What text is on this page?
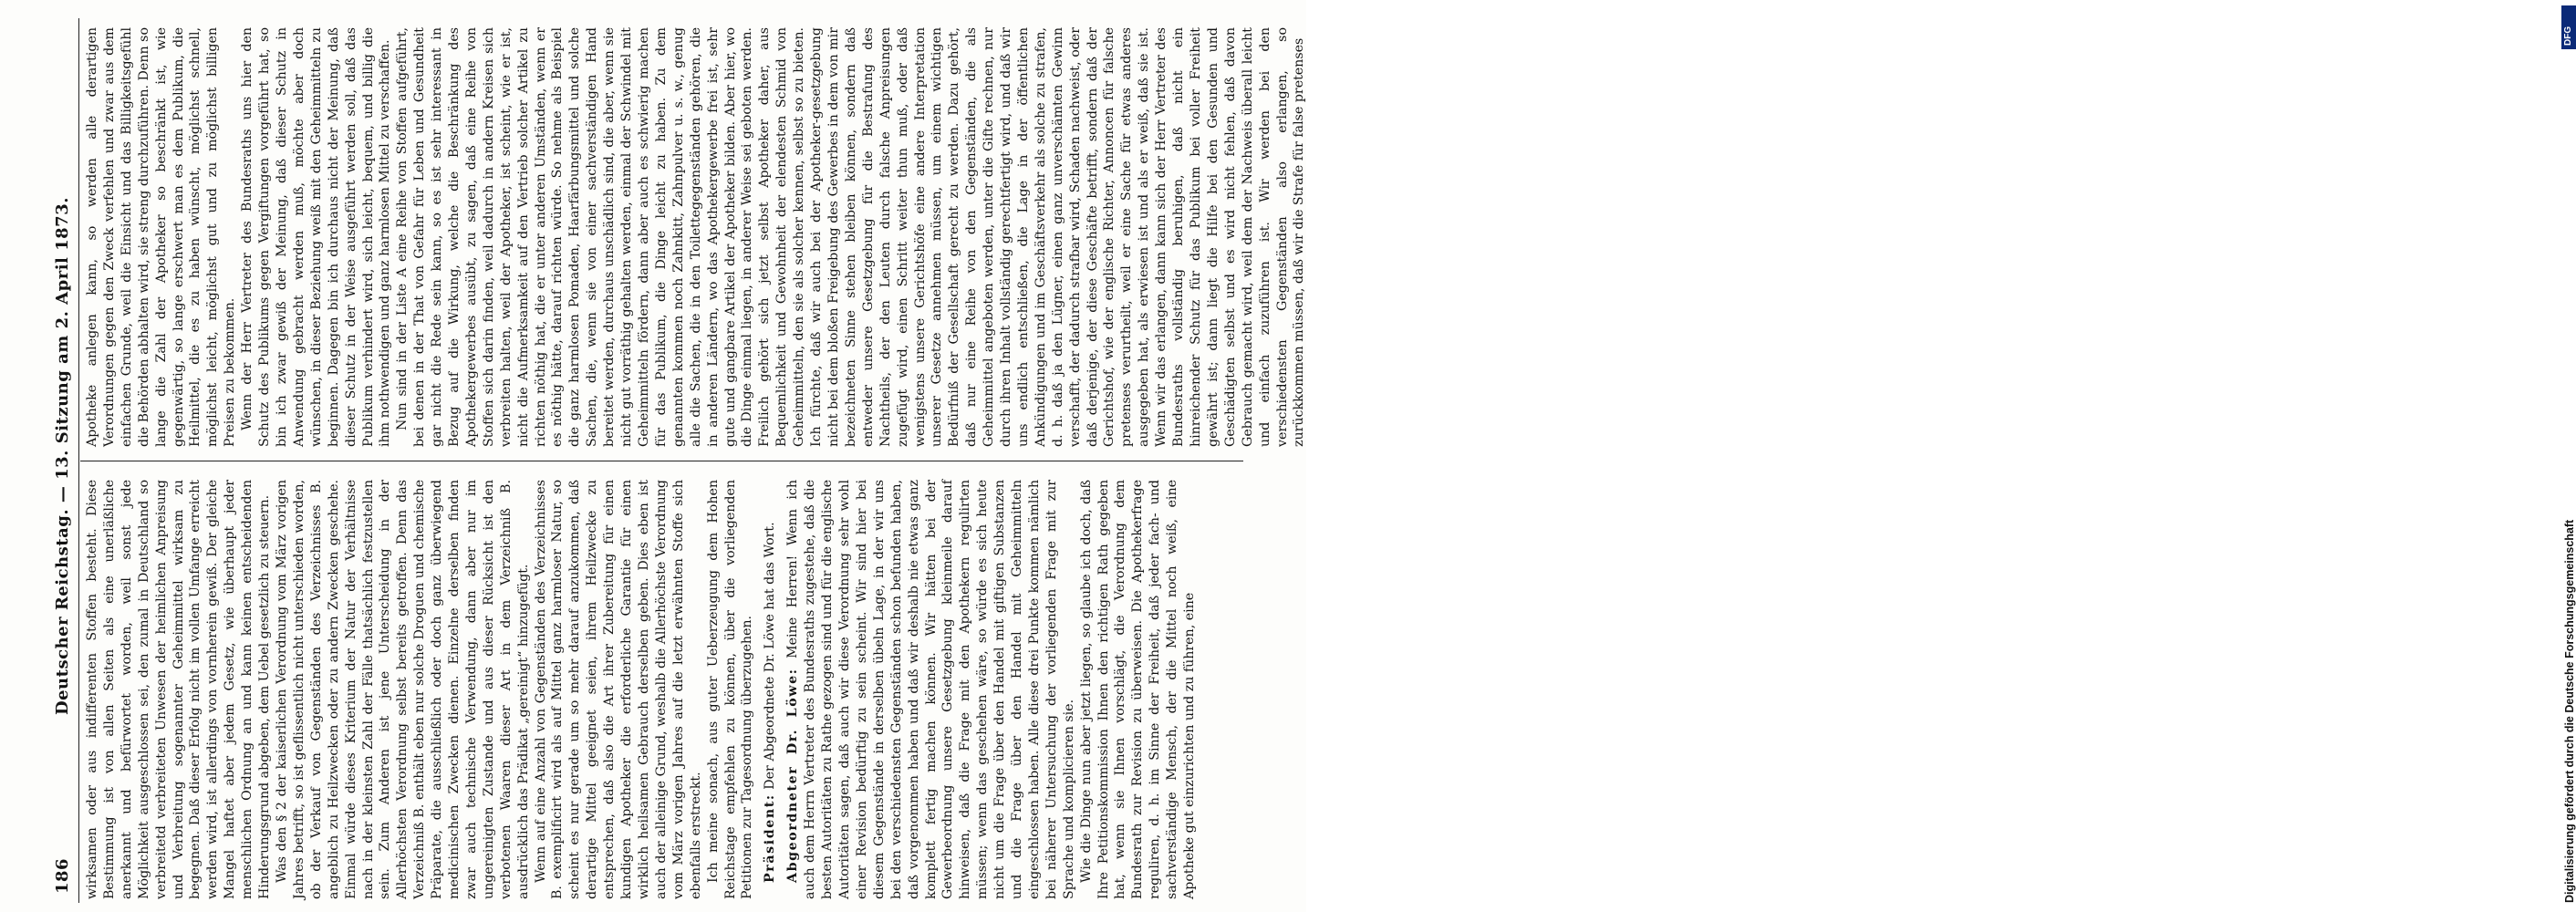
186
Deutscher Reichstag. — 13. Sitzung am 2. April 1873. wirksamen oder aus indifferenten Stoffen besteht. Diese Bestimmung ist von allen Seiten als eine unerläßliche anerkannt und befürwortet worden, weil sonst jede Möglichkeit ausgeschlossen sei, den zumal in Deutschland so verbreitetd verbreiteten Unwesen der heimlichen Anpreisung und Verbreitung sogenannter Geheimmittel wirksam zu begegnen. Daß dieser Erfolg nicht im vollen Umfange erreicht werden wird, ist allerdings von vornherein gewiß. Der gleiche Mangel haftet aber jedem Gesetz, wie überhaupt jeder menschlichen Ordnung an und kann keinen entscheidenden Hinderungsgrund abgeben, dem Uebel gesetzlich zu steuern. Was den § 2 der kaiserlichen Verordnung vom März vorigen Jahres betrifft, so ist geflissentlich nicht unterschieden worden, ob der Verkauf von Gegenständen des Verzeichnisses B. angeblich zu Heilzwecken oder zu andern Zwecken geschehe. Einmal würde dieses Kriterium der Natur der Verhältnisse nach in der kleinsten Zahl der Fälle thatsächlich festzustellen sein. Zum Anderen ist jene Unterscheidung in der Allerhöchsten Verordnung selbst bereits getroffen. Denn das Verzeichniß B. enthält eben nur solche Droguen und chemische Präparate, die ausschließlich oder doch ganz überwiegend medicinischen Zwecken dienen. Einzelne derselben finden zwar auch technische Verwendung, dann aber nur im ungereinigten Zustande und aus dieser Rücksicht ist den verbotenen Waaren dieser Art in dem Verzeichniß B. ausdrücklich das Prädikat „gereinigt“ hinzugefügt. Wenn auf eine Anzahl von Gegenständen des Verzeichnisses B. exemplificirt wird als auf Mittel ganz harmloser Natur, so scheint es nur gerade um so mehr darauf anzukommen, daß derartige Mittel geeignet seien, ihrem Heilzwecke zu entsprechen, daß also die Art ihrer Zubereitung für einen kundigen Apotheker die erforderliche Garantie für einen wirklich heilsamen Gebrauch derselben geben. Dies eben ist auch der alleinige Grund, weshalb die Allerhöchste Verordnung vom März vorigen Jahres auf die letzt erwähnten Stoffe sich ebenfalls erstreckt. Ich meine sonach, aus guter Ueberzeugung dem Hohen Reichstage empfehlen zu können, über die vorliegenden Petitionen zur Tagesordnung überzugehen. Präsident: Der Abgeordnete Dr. Löwe hat das Wort. Abgeordneter Dr. Löwe: Meine Herren! Wenn ich auch dem Herrn Vertreter des Bundesraths zugestehe, daß die besten Autoritäten zu Rathe gezogen sind und für die englische Autoritäten sagen, daß auch wir diese Verordnung sehr wohl einer Revision bedürftig zu sein scheint. Wir sind hier bei diesem Gegenstände in derselben übeln Lage, in der wir uns bei den verschiedensten Gegenständen schon befunden haben, daß vorgenommen haben und daß wir deshalb nie etwas ganz komplett fertig machen können. Wir hätten bei der Gewerbeordnung unsere Gesetzgebung kleinmeile darauf hinweisen, daß die Frage mit den Apothekern regulirten müssen; wenn das geschehen wäre, so würde es sich heute nicht um die Frage über den Handel mit giftigen Substanzen und die Frage über den Handel mit Geheimmitteln eingeschlossen haben. Alle diese drei Punkte kommen nämlich bei näherer Untersuchung der vorliegenden Frage mit zur Sprache und komplicieren sie. Wie die Dinge nun aber jetzt liegen, so glaube ich doch, daß Ihre Petitionskommission Ihnen den richtigen Rath gegeben hat, wenn sie Ihnen vorschlägt, die Verordnung dem Bundesrath zur Revision zu überweisen. Die Apothekerfrage reguliren, d. h. im Sinne der Freiheit, daß jeder fach- und sachverständige Mensch, der die Mittel noch weiß, eine Apotheke gut einzurichten und zu führen, eine

Apotheke anlegen kann, so werden alle derartigen Verordnungen gegen den Zweck verfehlen und zwar aus dem einfachen Grunde, weil die Einsicht und das Billigkeitsgefühl die Behörden abhalten wird, sie streng durchzuführen. Denn so lange die Zahl der Apotheker so beschränkt ist, wie gegenwärtig, so lange erschwert man es dem Publikum, die Heilmittel, die es zu haben wünscht, möglichst schnell, möglichst leicht, möglichst gut und zu möglichst billigen Preisen zu bekommen. Wenn der Herr Vertreter des Bundesraths uns hier den Schutz des Publikums gegen Vergiftungen vorgeführt hat, so bin ich zwar gewiß der Meinung, daß dieser Schutz in Anwendung gebracht werden muß, möchte aber doch wünschen, in dieser Beziehung weiß mit den Geheimmitteln zu beginnen. Dagegen bin ich durchaus nicht der Meinung, daß dieser Schutz in der Weise ausgeführt werden soll, daß das Publikum verhindert wird, sich leicht, bequem, und billig die ihm nothwendigen und ganz harmlosen Mittel zu verschaffen. Nun sind in der Liste A eine Reihe von Stoffen aufgeführt, bei denen in der That von Gefahr für Leben und Gesundheit gar nicht die Rede sein kann, so es ist sehr interessant in Bezug auf die Wirkung, welche die Beschränkung des Apothekergewerbes ausübt, zu sagen, daß eine Reihe von Stoffen sich darin finden, weil dadurch in andern Kreisen sich verbreiten halten, weil der Apotheker, ist scheint, wie er ist, nicht die Aufmerksamkeit auf den Vertrieb solcher Artikel zu richten nöthig hat, die er unter anderen Umständen, wenn er es nöthig hätte, darauf richten würde. So nehme als Beispiel die ganz harmlosen Pomaden, Haarfärbungsmittel und solche Sachen, die, wenn sie von einer sachverständigen Hand bereitet werden, durchaus unschädlich sind, die aber, wenn sie nicht gut vorräthig gehalten werden, einmal der Schwindel mit Geheimmitteln fördern, dann aber auch es schwierig machen für das Publikum, die Dinge leicht zu haben. Zu dem genannten kommen noch Zahnkitt, Zahnpulver u. s. w., genug alle die Sachen, die in den Toilettegegenständen gehören, die in anderen Ländern, wo das Apothekergewerbe frei ist, sehr gute und gangbare Artikel der Apotheker bilden. Aber hier, wo die Dinge einmal liegen, in anderer Weise sei geboten werden. Freilich gehört sich jetzt selbst Apotheker daher, aus Bequemlichkeit und Gewohnheit der elendesten Schmid von Geheimmitteln, den sie als solcher kennen, selbst so zu bieten. Ich fürchte, daß wir auch bei der Apotheker-gesetzgebung nicht bei dem bloßen Freigebung des Gewerbes in dem von mir bezeichneten Sinne stehen bleiben können, sondern daß entweder unsere Gesetzgebung für die Bestrafung des Nachtheils, der den Leuten durch falsche Anpreisungen zugefügt wird, einen Schritt weiter thun muß, oder daß wenigstens unsere Gerichtshöfe eine andere Interpretation unserer Gesetze annehmen müssen, um einem wichtigen Bedürfniß der Gesellschaft gerecht zu werden. Dazu gehört, daß nur eine Reihe von den Gegenständen, die als Geheimmittel angeboten werden, unter die Gifte rechnen, nur durch ihren Inhalt vollständig gerechtfertigt wird, und daß wir uns endlich entschließen, die Lage in der öffentlichen Ankündigungen und im Geschäftsverkehr als solche zu strafen, d. h. daß ja den Lügner, einen ganz unverschämten Gewinn verschafft, der dadurch strafbar wird, Schaden nachweist, oder daß derjenige, der diese Geschäfte betrifft, sondern daß der Gerichtshof, wie der englische Richter, Annoncen für falsche pretenses verurtheilt, weil er eine Sache für etwas anderes ausgegeben hat, als erwiesen ist und als er weiß, daß sie ist. Wenn wir das erlangen, dann kann sich der Herr Vertreter des Bundesraths vollständig beruhigen, daß nicht ein hinreichender Schutz für das Publikum bei voller Freiheit gewährt ist; dann liegt die Hilfe bei den Gesunden und Geschädigten selbst und es wird nicht fehlen, daß davon Gebrauch gemacht wird, weil dem der Nachweis überall leicht und einfach zuzuführen ist. Wir werden bei den verschiedensten Gegenständen also erlangen, so zurückkommen müssen, daß wir die Strafe für false pretenses

DFG
Digitalisierung gefördert durch die Deutsche Forschungsgemeinschaft
